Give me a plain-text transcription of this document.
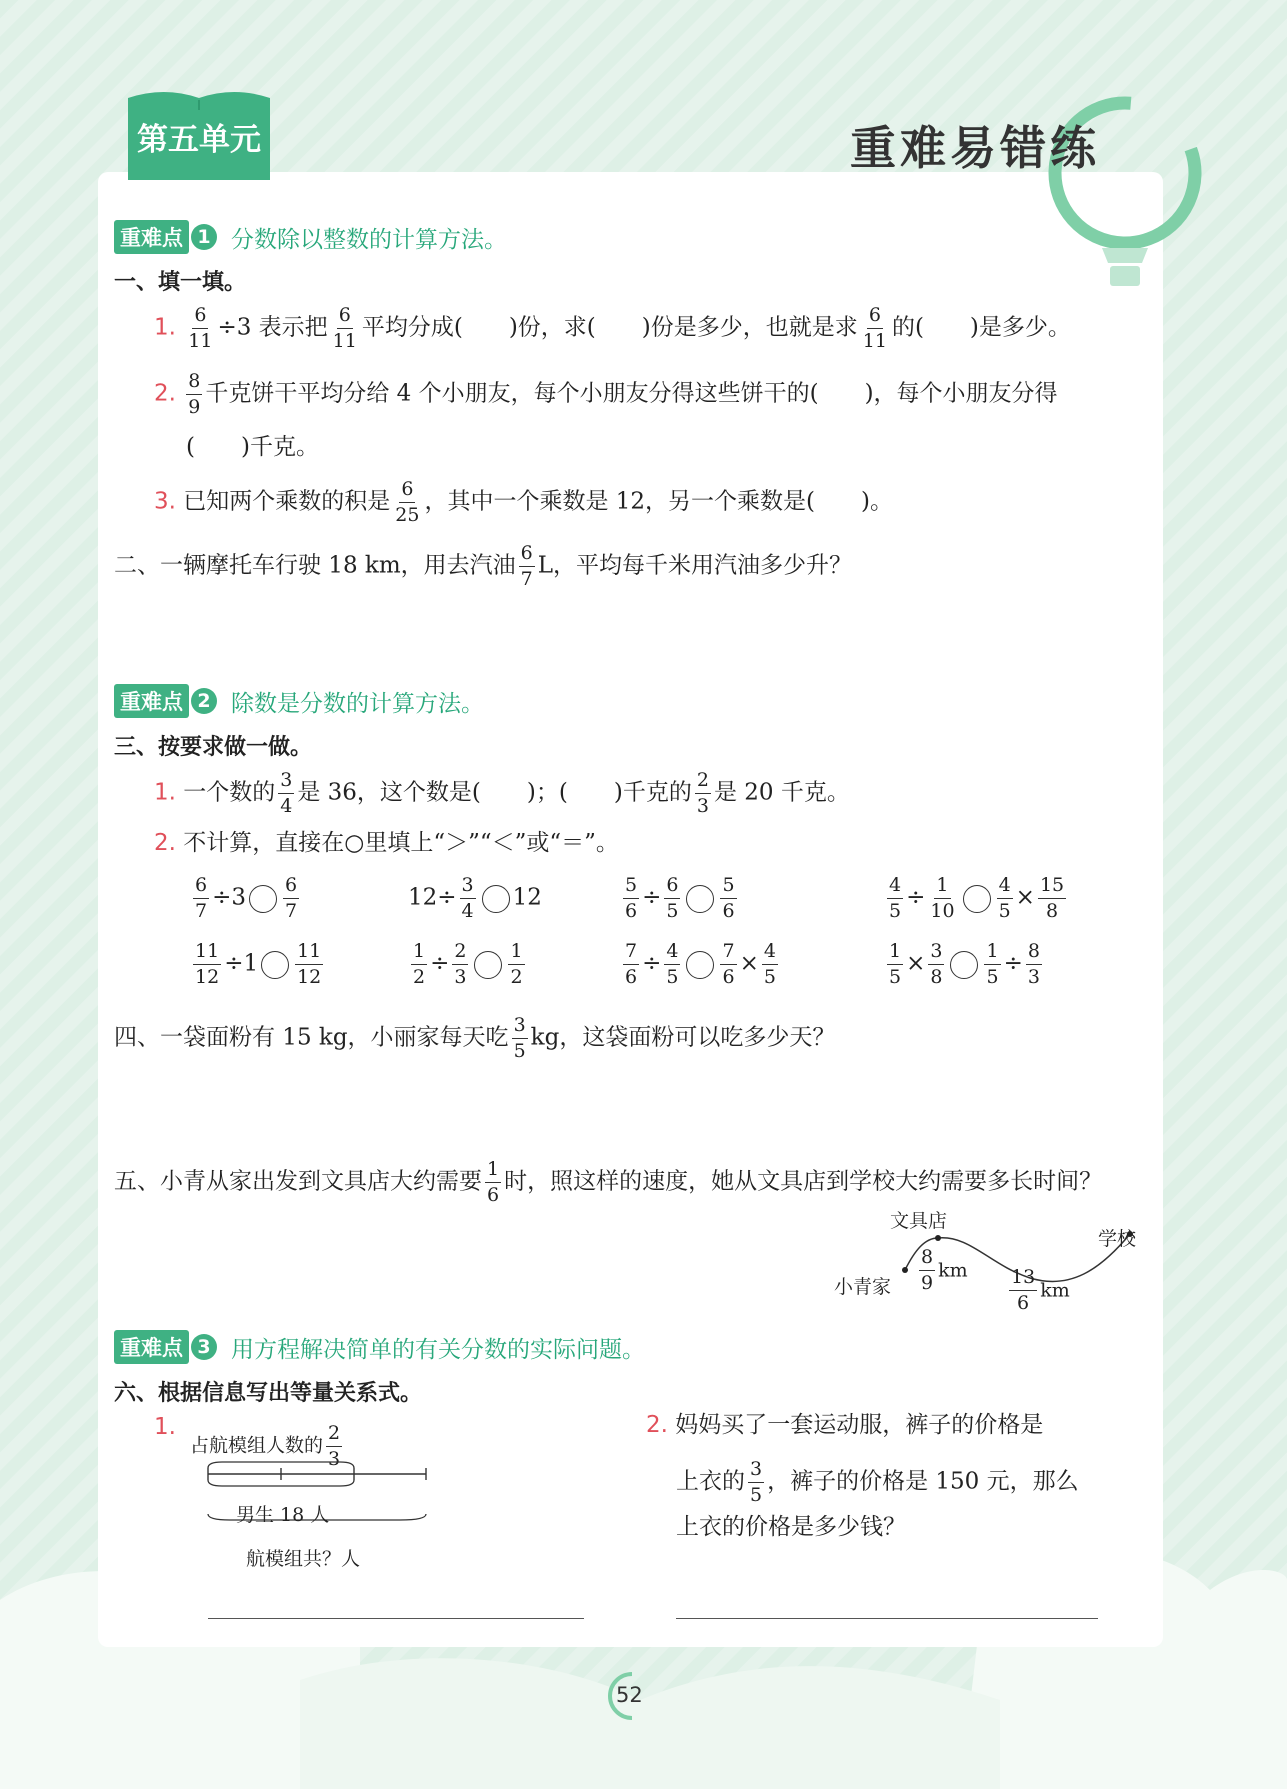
第五单元	重难易错练
重难点 1 分数除以整数的计算方法。
一、填一填。
1. $\frac{6}{11} \div 3$ 表示把 $\frac{6}{11}$ 平均分成(　　)份，求(　　)份是多少，也就是求 $\frac{6}{11}$ 的(　　)是多少。
2. $\frac{8}{9}$ 千克饼干平均分给 4 个小朋友，每个小朋友分得这些饼干的(　　)，每个小朋友分得
(　　)千克。
3. 已知两个乘数的积是 $\frac{6}{25}$ ，其中一个乘数是 12，另一个乘数是(　　)。
二、一辆摩托车行驶 18 km，用去汽油 $\frac{6}{7}$ L，平均每千米用汽油多少升？
重难点 2 除数是分数的计算方法。
三、按要求做一做。
1. 一个数的 $\frac{3}{4}$ 是 36，这个数是(　　)；(　　)千克的 $\frac{2}{3}$ 是 20 千克。
2. 不计算，直接在○里填上“＞”“＜”或“＝”。
$\frac{6}{7} \div 3 \frac{6}{7}$	$12\div \frac{3}{4} 12$	$\frac{5}{6} \div \frac{6}{5} \frac{5}{6}$	$\frac{4}{5} \div \frac{1}{10} \frac{4}{5} \times \frac{15}{8}$
$\frac{11}{12} \div 1 \frac{11}{12}$	$\frac{1}{2} \div \frac{2}{3} \frac{1}{2}$	$\frac{7}{6} \div \frac{4}{5} \frac{7}{6} \times \frac{4}{5}$	$\frac{1}{5} \times \frac{3}{8} \frac{1}{5} \div \frac{8}{3}$
四、一袋面粉有 15 kg，小丽家每天吃 $\frac{3}{5}$ kg，这袋面粉可以吃多少天？
五、小青从家出发到文具店大约需要 $\frac{1}{6}$ 时，照这样的速度，她从文具店到学校大约需要多长时间？
文具店
学校
小青家 $\frac{8}{9}$ km $\frac{13}{6}$ km
重难点 3 用方程解决简单的有关分数的实际问题。
六、根据信息写出等量关系式。
1.
占航模组人数的 $\frac{2}{3}$
男生 18 人
航模组共？人
2. 妈妈买了一套运动服，裤子的价格是
上衣的 $\frac{3}{5}$ ，裤子的价格是 150 元，那么
上衣的价格是多少钱？
52
